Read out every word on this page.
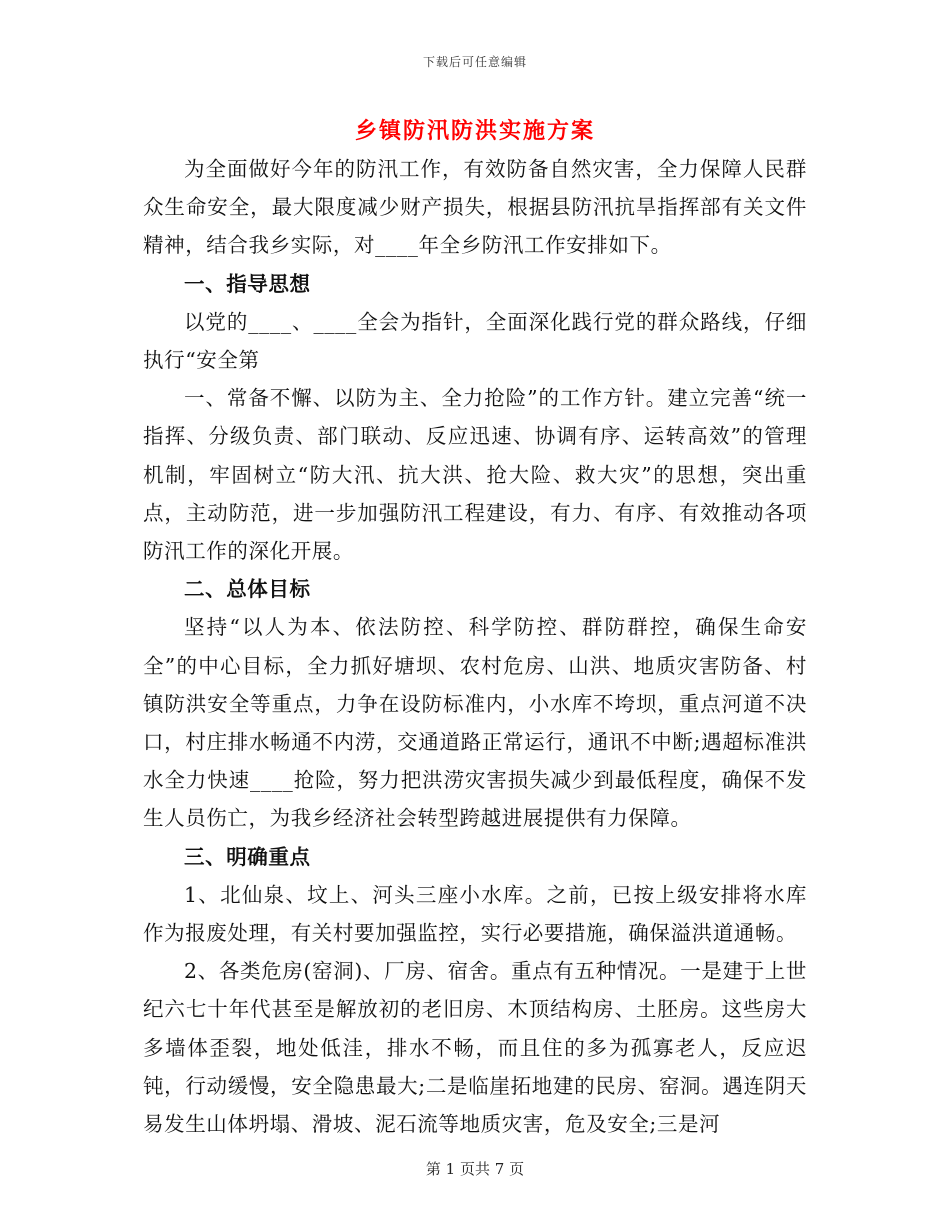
下载后可任意编辑
乡镇防汛防洪实施方案

为全面做好今年的防汛工作，有效防备自然灾害，全力保障人民群众生命安全，最大限度减少财产损失，根据县防汛抗旱指挥部有关文件精神，结合我乡实际，对____年全乡防汛工作安排如下。

一、指导思想

以党的____、____全会为指针，全面深化践行党的群众路线，仔细执行“安全第

一、常备不懈、以防为主、全力抢险”的工作方针。建立完善“统一指挥、分级负责、部门联动、反应迅速、协调有序、运转高效”的管理机制，牢固树立“防大汛、抗大洪、抢大险、救大灾”的思想，突出重点，主动防范，进一步加强防汛工程建设，有力、有序、有效推动各项防汛工作的深化开展。

二、总体目标

坚持“以人为本、依法防控、科学防控、群防群控，确保生命安全”的中心目标，全力抓好塘坝、农村危房、山洪、地质灾害防备、村镇防洪安全等重点，力争在设防标准内，小水库不垮坝，重点河道不决口，村庄排水畅通不内涝，交通道路正常运行，通讯不中断;遇超标准洪水全力快速____抢险，努力把洪涝灾害损失减少到最低程度，确保不发生人员伤亡，为我乡经济社会转型跨越进展提供有力保障。

三、明确重点

1、北仙泉、坟上、河头三座小水库。之前，已按上级安排将水库作为报废处理，有关村要加强监控，实行必要措施，确保溢洪道通畅。

2、各类危房(窑洞)、厂房、宿舍。重点有五种情况。一是建于上世纪六七十年代甚至是解放初的老旧房、木顶结构房、土胚房。这些房大多墙体歪裂，地处低洼，排水不畅，而且住的多为孤寡老人，反应迟钝，行动缓慢，安全隐患最大;二是临崖拓地建的民房、窑洞。遇连阴天易发生山体坍塌、滑坡、泥石流等地质灾害，危及安全;三是河

第 1 页共 7 页
